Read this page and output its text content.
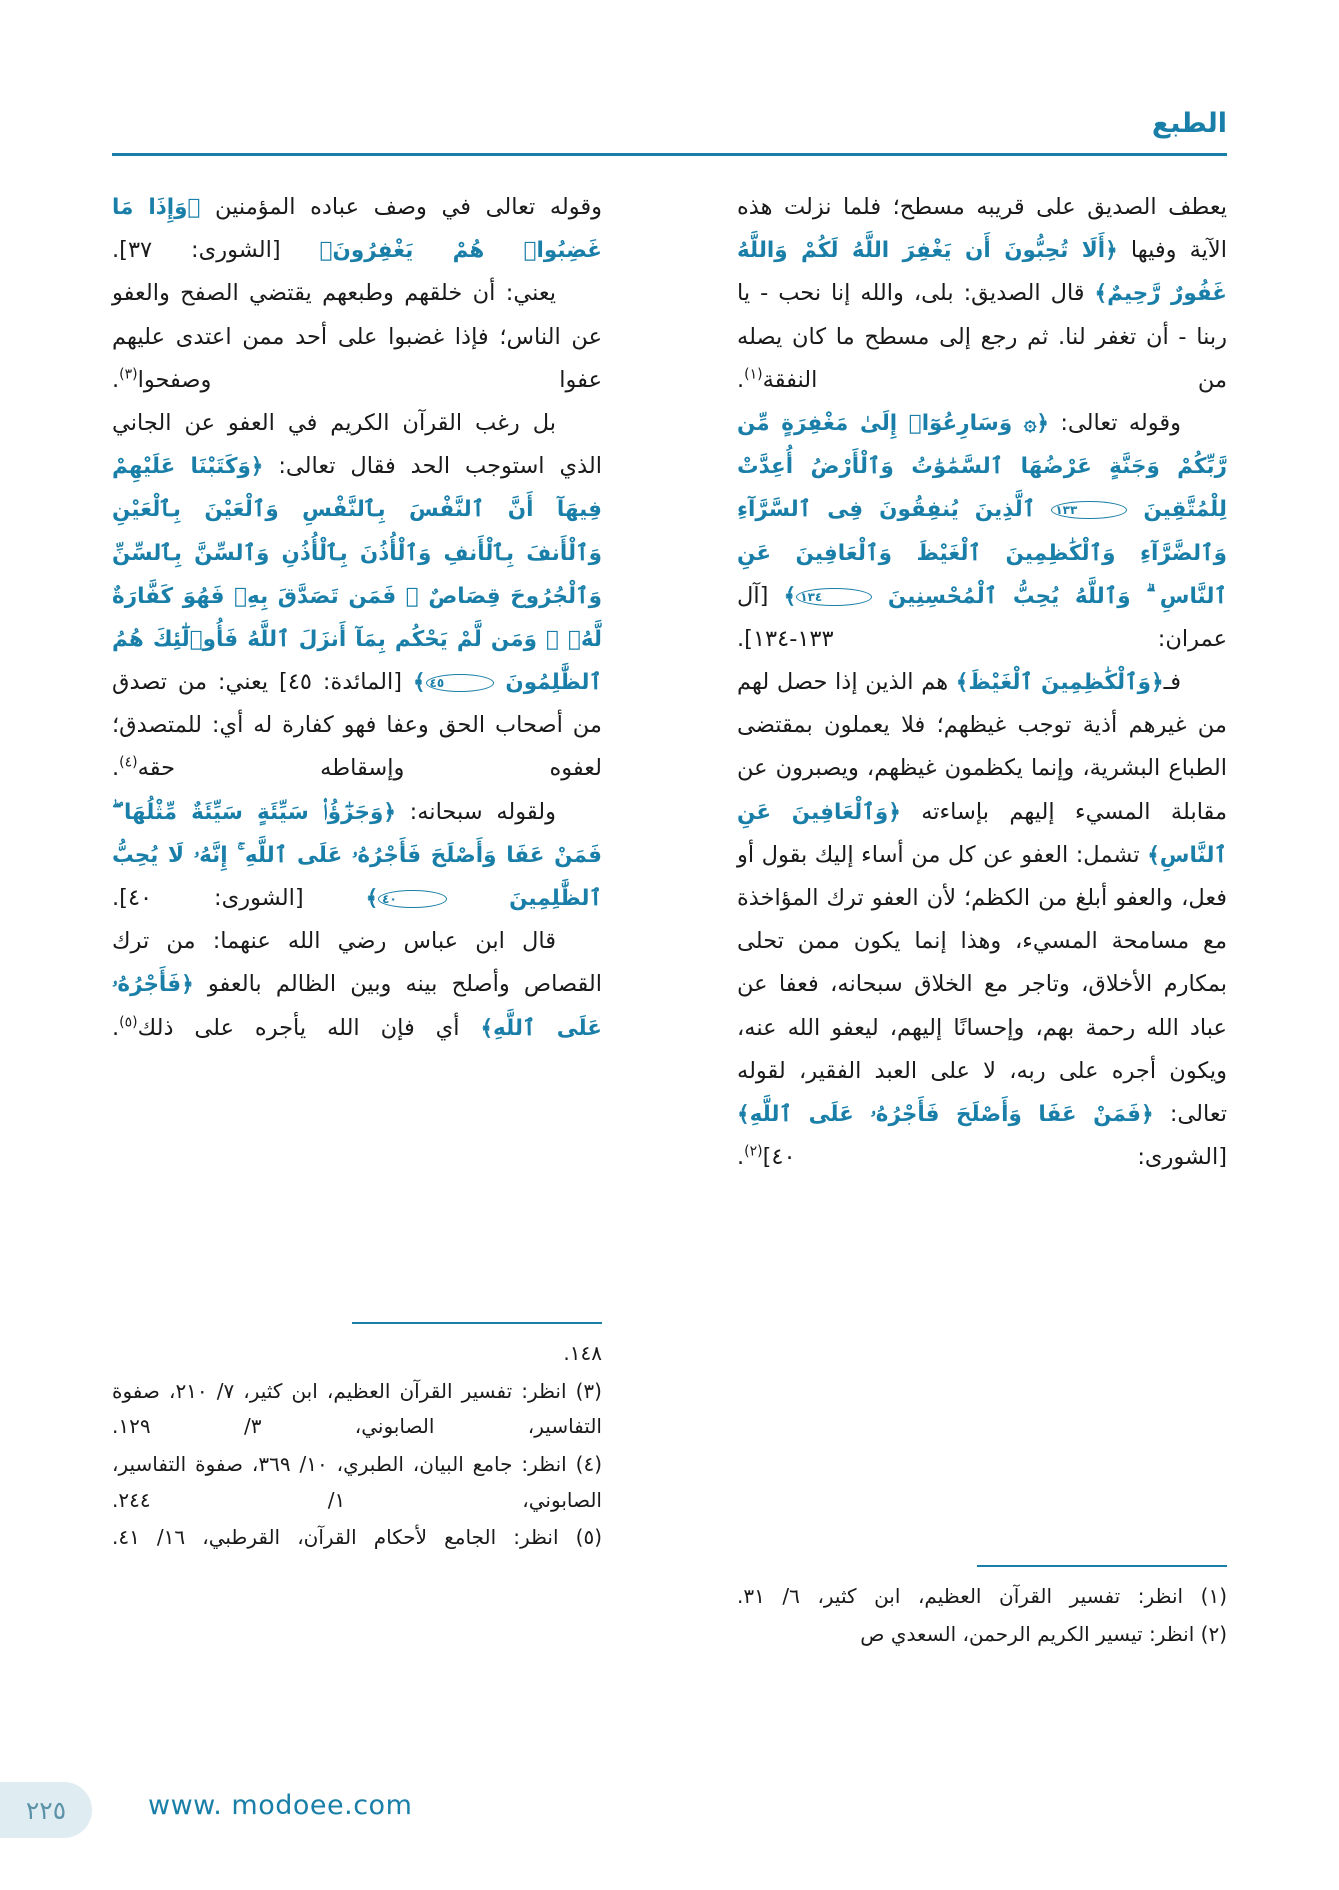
الطبع

يعطف الصديق على قريبه مسطح؛ فلما نزلت هذه الآية وفيها ﴿أَلَا تُحِبُّونَ أَن يَغْفِرَ اللَّهُ لَكُمْ وَاللَّهُ غَفُورٌ رَّحِيمٌ﴾ قال الصديق: بلى، والله إنا نحب - يا ربنا - أن تغفر لنا. ثم رجع إلى مسطح ما كان يصله من النفقة$^{(١)}$.

وقوله تعالى: ﴿۞ وَسَارِعُوٓا۟ إِلَىٰ مَغْفِرَةٍ مِّن رَّبِّكُمْ وَجَنَّةٍ عَرْضُهَا ٱلسَّمَٰوَٰتُ وَٱلْأَرْضُ أُعِدَّتْ لِلْمُتَّقِينَ ١٣٣ ٱلَّذِينَ يُنفِقُونَ فِى ٱلسَّرَّآءِ وَٱلضَّرَّآءِ وَٱلْكَٰظِمِينَ ٱلْغَيْظَ وَٱلْعَافِينَ عَنِ ٱلنَّاسِ ۗ وَٱللَّهُ يُحِبُّ ٱلْمُحْسِنِينَ ١٣٤﴾ [آل عمران: ١٣٣-١٣٤].

فـ﴿وَٱلْكَٰظِمِينَ ٱلْغَيْظَ﴾ هم الذين إذا حصل لهم من غيرهم أذية توجب غيظهم؛ فلا يعملون بمقتضى الطباع البشرية، وإنما يكظمون غيظهم، ويصبرون عن مقابلة المسيء إليهم بإساءته ﴿وَٱلْعَافِينَ عَنِ ٱلنَّاسِ﴾ تشمل: العفو عن كل من أساء إليك بقول أو فعل، والعفو أبلغ من الكظم؛ لأن العفو ترك المؤاخذة مع مسامحة المسيء، وهذا إنما يكون ممن تحلى بمكارم الأخلاق، وتاجر مع الخلاق سبحانه، فعفا عن عباد الله رحمة بهم، وإحسانًا إليهم، ليعفو الله عنه، ويكون أجره على ربه، لا على العبد الفقير، لقوله تعالى: ﴿فَمَنْ عَفَا وَأَصْلَحَ فَأَجْرُهُۥ عَلَى ٱللَّهِ﴾ [الشورى: ٤٠]$^{(٢)}$.

وقوله تعالى في وصف عباده المؤمنين ﴿وَإِذَا مَا غَضِبُوا۟ هُمْ يَغْفِرُونَ﴾ [الشورى: ٣٧].

يعني: أن خلقهم وطبعهم يقتضي الصفح والعفو عن الناس؛ فإذا غضبوا على أحد ممن اعتدى عليهم عفوا وصفحوا$^{(٣)}$.

بل رغب القرآن الكريم في العفو عن الجاني الذي استوجب الحد فقال تعالى: ﴿وَكَتَبْنَا عَلَيْهِمْ فِيهَآ أَنَّ ٱلنَّفْسَ بِٱلنَّفْسِ وَٱلْعَيْنَ بِٱلْعَيْنِ وَٱلْأَنفَ بِٱلْأَنفِ وَٱلْأُذُنَ بِٱلْأُذُنِ وَٱلسِّنَّ بِٱلسِّنِّ وَٱلْجُرُوحَ قِصَاصٌ ۚ فَمَن تَصَدَّقَ بِهِۦ فَهُوَ كَفَّارَةٌ لَّهُۥ ۚ وَمَن لَّمْ يَحْكُم بِمَآ أَنزَلَ ٱللَّهُ فَأُو۟لَٰٓئِكَ هُمُ ٱلظَّٰلِمُونَ ٤٥﴾ [المائدة: ٤٥] يعني: من تصدق من أصحاب الحق وعفا فهو كفارة له أي: للمتصدق؛ لعفوه وإسقاطه حقه$^{(٤)}$.

ولقوله سبحانه: ﴿وَجَزَٰٓؤُا۟ سَيِّئَةٍ سَيِّئَةٌ مِّثْلُهَا ۖ فَمَنْ عَفَا وَأَصْلَحَ فَأَجْرُهُۥ عَلَى ٱللَّهِ ۚ إِنَّهُۥ لَا يُحِبُّ ٱلظَّٰلِمِينَ ٤٠﴾ [الشورى: ٤٠].

قال ابن عباس رضي الله عنهما: من ترك القصاص وأصلح بينه وبين الظالم بالعفو ﴿فَأَجْرُهُۥ عَلَى ٱللَّهِ﴾ أي فإن الله يأجره على ذلك$^{(٥)}$.

(١) انظر: تفسير القرآن العظيم، ابن كثير، ٦/ ٣١.
(٢) انظر: تيسير الكريم الرحمن، السعدي ص
١٤٨.
(٣) انظر: تفسير القرآن العظيم، ابن كثير، ٧/ ٢١٠، صفوة التفاسير، الصابوني، ٣/ ١٢٩.
(٤) انظر: جامع البيان، الطبري، ١٠/ ٣٦٩، صفوة التفاسير، الصابوني، ١/ ٢٤٤.
(٥) انظر: الجامع لأحكام القرآن، القرطبي، ١٦/ ٤١.
٢٢٥	www. modoee.com
